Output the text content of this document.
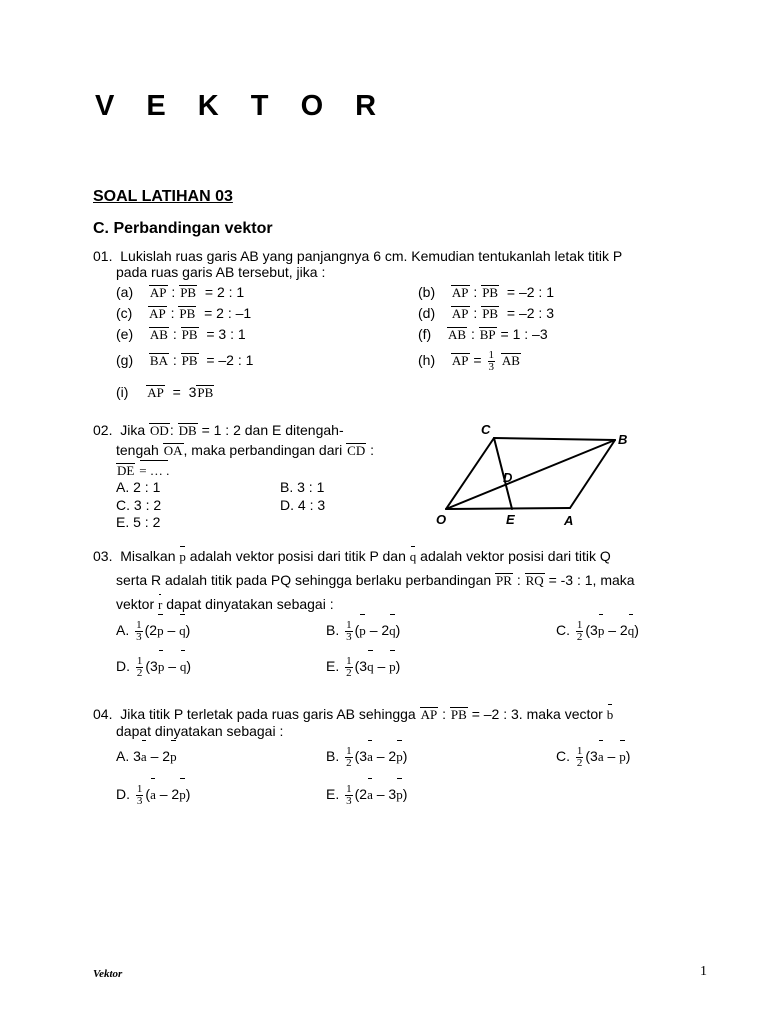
V E K T O R
SOAL LATIHAN 03
C. Perbandingan vektor
01. Lukislah ruas garis AB yang panjangnya 6 cm. Kemudian tentukanlah letak titik P
pada ruas garis AB tersebut, jika :
(a) AP : PB = 2 : 1	(b) AP : PB = –2 : 1
(c) AP : PB = 2 : –1	(d) AP : PB = –2 : 3
(e) AB : PB = 3 : 1	(f) AB : BP = 1 : –3
(g) BA : PB = –2 : 1	(h) AP = $\frac{1}{3}$ AB
(i) AP = 3PB
02. Jika OD: DB = 1 : 2 dan E ditengah-
tengah OA, maka perbandingan dari CD :
DE = … .
A. 2 : 1	B. 3 : 1
C. 3 : 2	D. 4 : 3
E. 5 : 2
C
B
D
O	E	A
03. Misalkan p adalah vektor posisi dari titik P dan q adalah vektor posisi dari titik Q
serta R adalah titik pada PQ sehingga berlaku perbandingan PR : RQ = -3 : 1, maka
vektor r dapat dinyatakan sebagai :
A. $\frac{1}{3} (2p - q)$	B. $\frac{1}{3} (p - 2q)$	C. $\frac{1}{2} (3p - 2q)$
D. $\frac{1}{2} (3p - q)$	E. $\frac{1}{2} (3q - p)$
04. Jika titik P terletak pada ruas garis AB sehingga AP : PB = –2 : 3. maka vector b
dapat dinyatakan sebagai :
A. 3a – 2p	B. $\frac{1}{2} (3a - 2p)$	C. $\frac{1}{2} (3a - p)$
D. $\frac{1}{3} (a - 2p)$	E. $\frac{1}{3} (2a - 3p)$
Vektor	1
